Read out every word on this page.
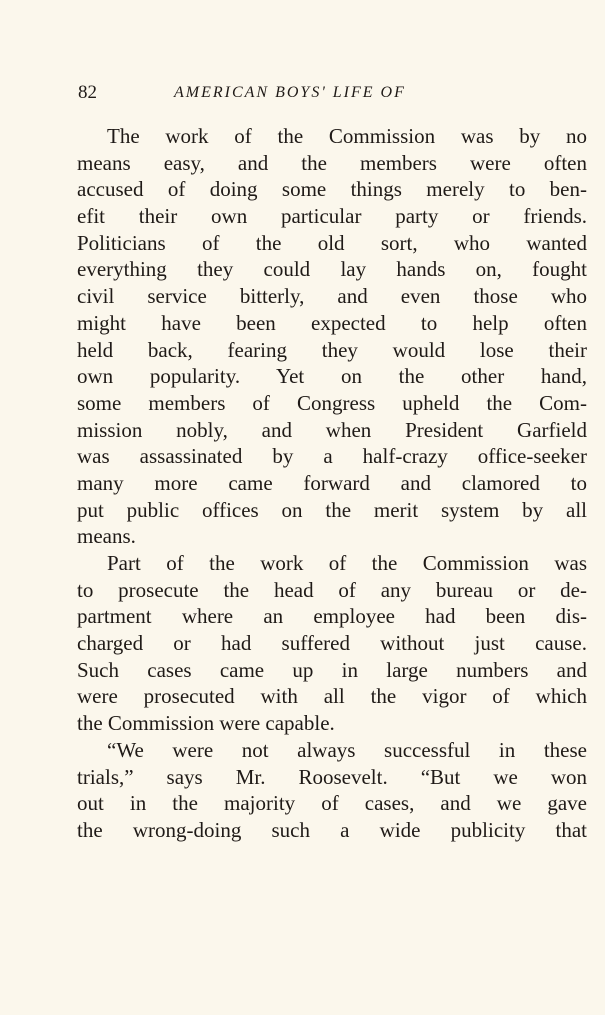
82	AMERICAN BOYS' LIFE OF
The work of the Commission was by no
means easy, and the members were often
accused of doing some things merely to ben-
efit their own particular party or friends.
Politicians of the old sort, who wanted
everything they could lay hands on, fought
civil service bitterly, and even those who
might have been expected to help often
held back, fearing they would lose their
own popularity. Yet on the other hand,
some members of Congress upheld the Com-
mission nobly, and when President Garfield
was assassinated by a half-crazy office-seeker
many more came forward and clamored to
put public offices on the merit system by all
means.
Part of the work of the Commission was
to prosecute the head of any bureau or de-
partment where an employee had been dis-
charged or had suffered without just cause.
Such cases came up in large numbers and
were prosecuted with all the vigor of which
the Commission were capable.
“We were not always successful in these
trials,” says Mr. Roosevelt. “But we won
out in the majority of cases, and we gave
the wrong-doing such a wide publicity that
